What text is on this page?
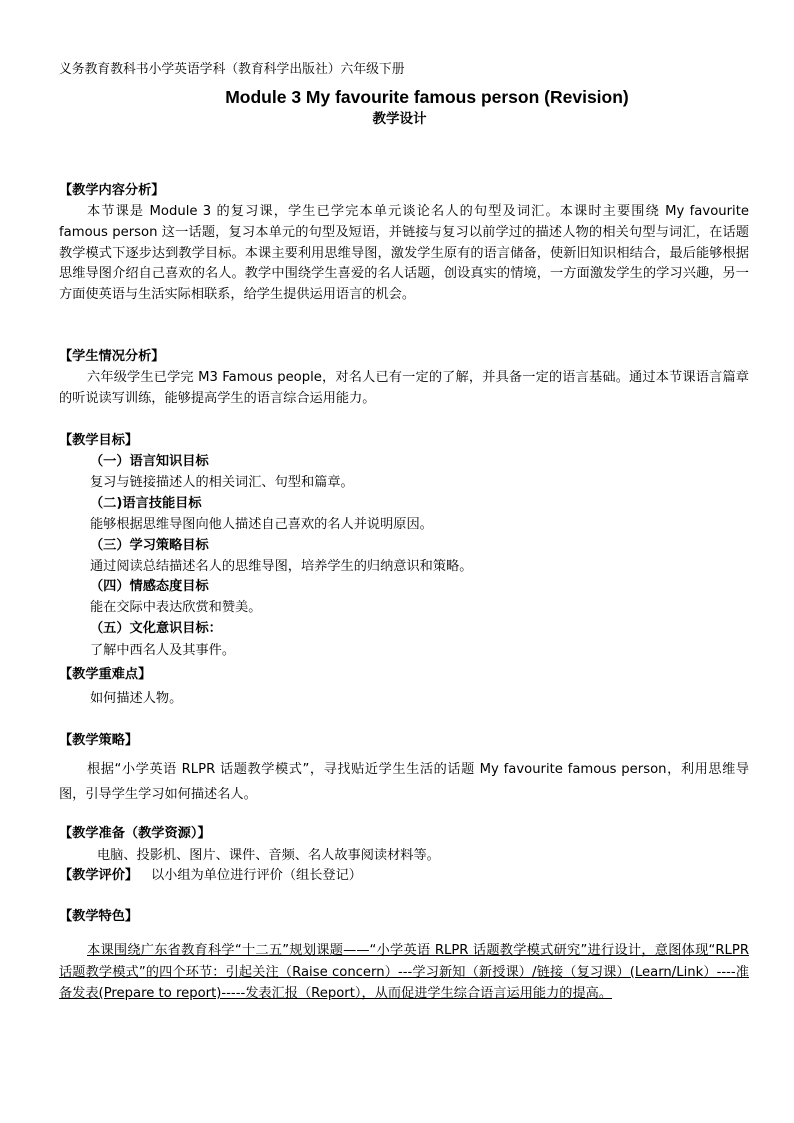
义务教育教科书小学英语学科（教育科学出版社）六年级下册
Module 3 My favourite famous person (Revision)
教学设计
【教学内容分析】

本节课是 Module 3 的复习课，学生已学完本单元谈论名人的句型及词汇。本课时主要围绕 My favourite famous person 这一话题，复习本单元的句型及短语，并链接与复习以前学过的描述人物的相关句型与词汇，在话题教学模式下逐步达到教学目标。本课主要利用思维导图，激发学生原有的语言储备，使新旧知识相结合，最后能够根据思维导图介绍自己喜欢的名人。教学中围绕学生喜爱的名人话题，创设真实的情境，一方面激发学生的学习兴趣，另一方面使英语与生活实际相联系，给学生提供运用语言的机会。

【学生情况分析】

六年级学生已学完 M3 Famous people，对名人已有一定的了解，并具备一定的语言基础。通过本节课语言篇章的听说读写训练，能够提高学生的语言综合运用能力。

【教学目标】
（一）语言知识目标
复习与链接描述人的相关词汇、句型和篇章。
（二)语言技能目标
能够根据思维导图向他人描述自己喜欢的名人并说明原因。
（三）学习策略目标
通过阅读总结描述名人的思维导图，培养学生的归纳意识和策略。
（四）情感态度目标
能在交际中表达欣赏和赞美。
（五）文化意识目标：
了解中西名人及其事件。
【教学重难点】
如何描述人物。
【教学策略】

根据“小学英语 RLPR 话题教学模式”，寻找贴近学生生活的话题 My favourite famous person，利用思维导图，引导学生学习如何描述名人。

【教学准备（教学资源）】
电脑、投影机、图片、课件、音频、名人故事阅读材料等。
【教学评价】 以小组为单位进行评价（组长登记）
【教学特色】

本课围绕广东省教育科学“十二五”规划课题——“小学英语 RLPR 话题教学模式研究”进行设计，意图体现“RLPR 话题教学模式”的四个环节：引起关注（Raise concern）---学习新知（新授课）/链接（复习课）(Learn/Link）----准备发表(Prepare to report)-----发表汇报（Report），从而促进学生综合语言运用能力的提高。
